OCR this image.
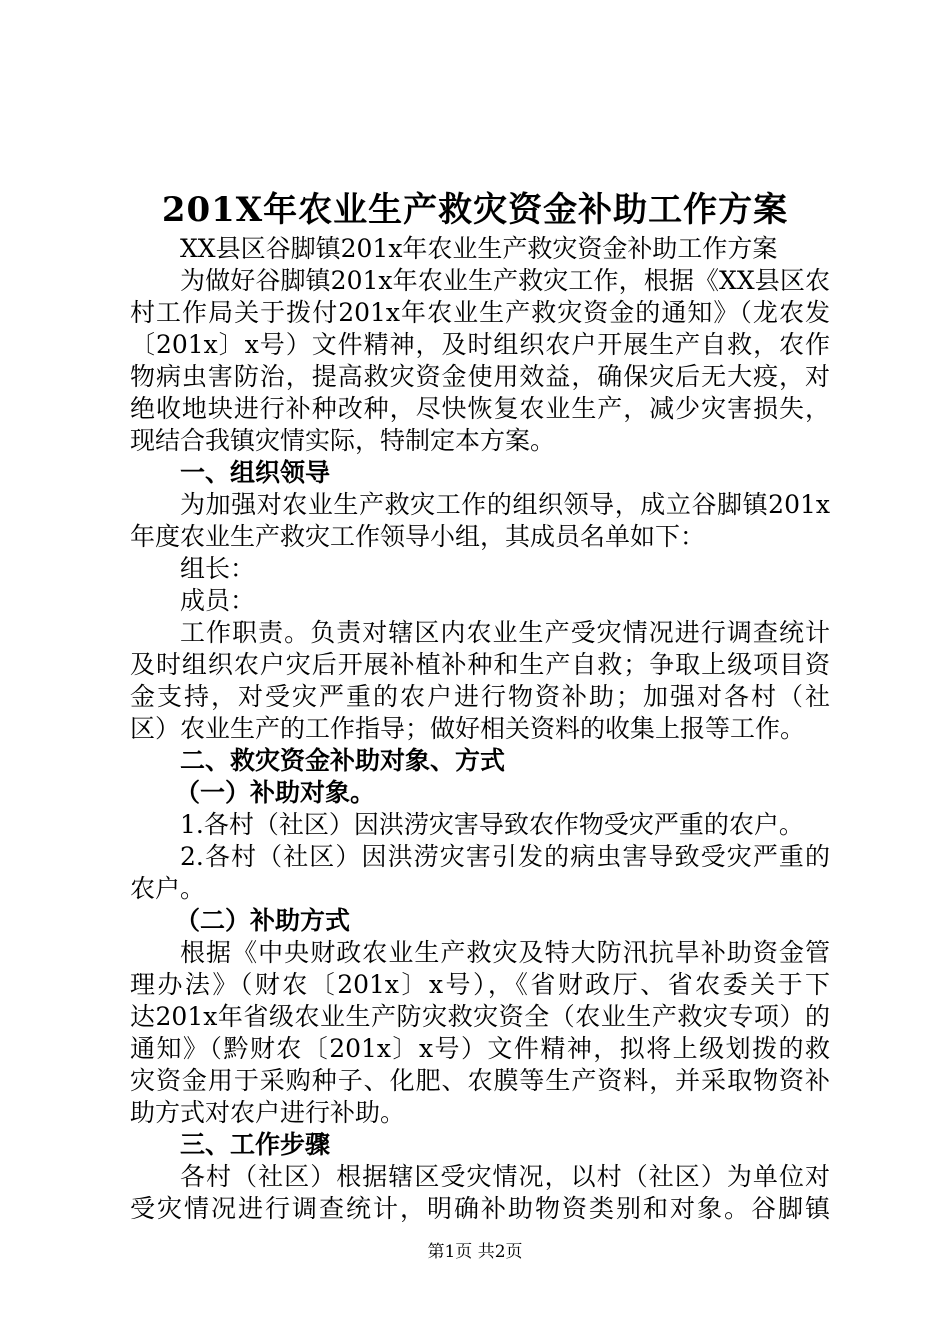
201X年农业生产救灾资金补助工作方案
XX县区谷脚镇201x年农业生产救灾资金补助工作方案
为做好谷脚镇201x年农业生产救灾工作，根据《XX县区农
村工作局关于拨付201x年农业生产救灾资金的通知》（龙农发
〔201x〕x号）文件精神，及时组织农户开展生产自救，农作
物病虫害防治，提高救灾资金使用效益，确保灾后无大疫，对
绝收地块进行补种改种，尽快恢复农业生产，减少灾害损失，
现结合我镇灾情实际，特制定本方案。
一、组织领导
为加强对农业生产救灾工作的组织领导，成立谷脚镇201x
年度农业生产救灾工作领导小组，其成员名单如下：
组长：
成员：
工作职责。负责对辖区内农业生产受灾情况进行调查统计
及时组织农户灾后开展补植补种和生产自救；争取上级项目资
金支持，对受灾严重的农户进行物资补助；加强对各村（社
区）农业生产的工作指导；做好相关资料的收集上报等工作。
二、救灾资金补助对象、方式
（一）补助对象。
1.各村（社区）因洪涝灾害导致农作物受灾严重的农户。
2.各村（社区）因洪涝灾害引发的病虫害导致受灾严重的
农户。
（二）补助方式
根据《中央财政农业生产救灾及特大防汛抗旱补助资金管
理办法》（财农〔201x〕x号），《省财政厅、省农委关于下
达201x年省级农业生产防灾救灾资全（农业生产救灾专项）的
通知》（黔财农〔201x〕x号）文件精神，拟将上级划拨的救
灾资金用于采购种子、化肥、农膜等生产资料，并采取物资补
助方式对农户进行补助。
三、工作步骤
各村（社区）根据辖区受灾情况，以村（社区）为单位对
受灾情况进行调查统计，明确补助物资类别和对象。谷脚镇
第1页 共2页
